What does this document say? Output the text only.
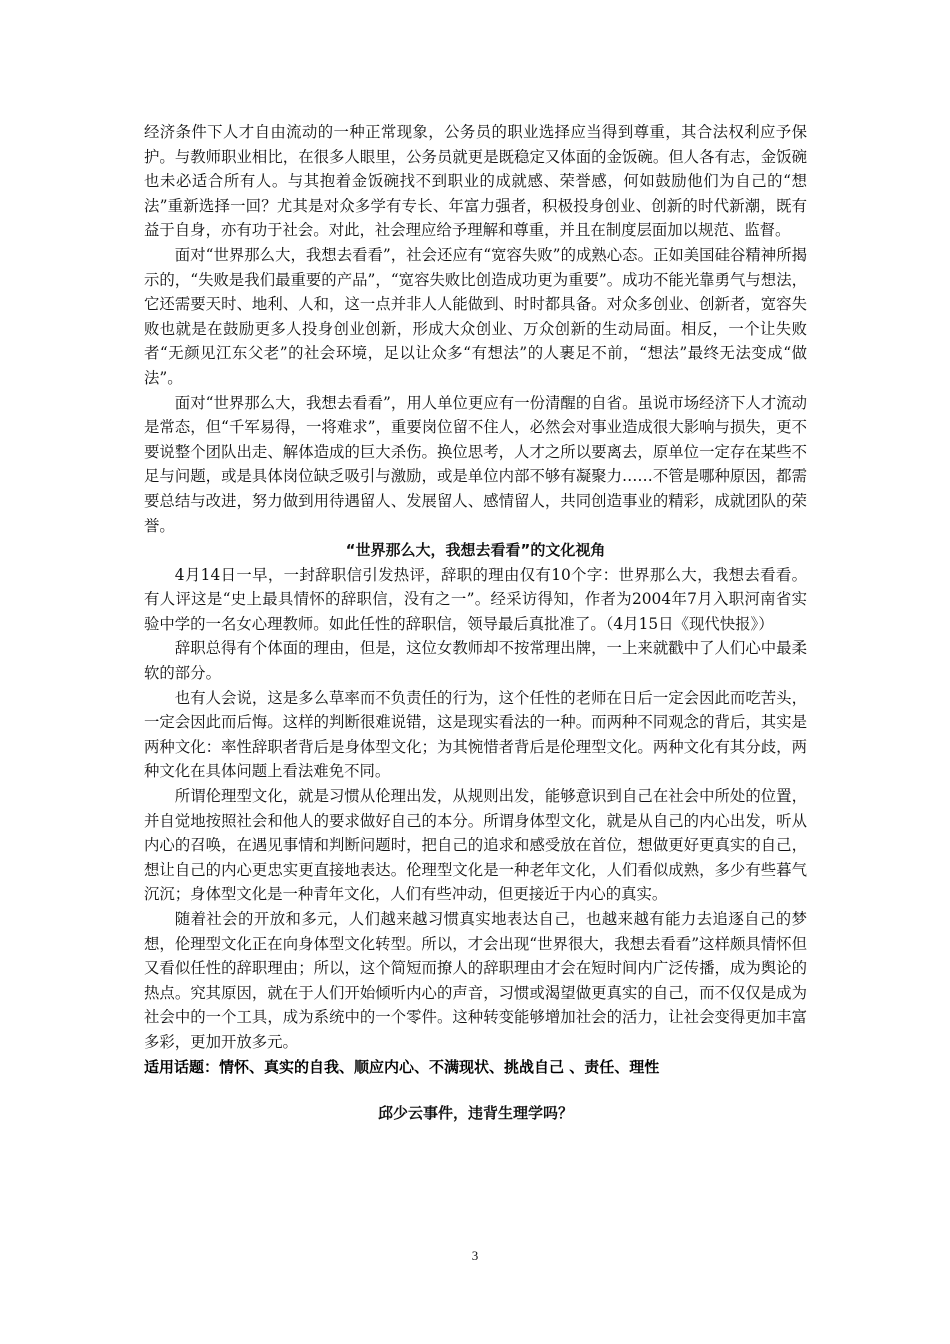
经济条件下人才自由流动的一种正常现象，公务员的职业选择应当得到尊重，其合法权利应予保护。与教师职业相比，在很多人眼里，公务员就更是既稳定又体面的金饭碗。但人各有志，金饭碗也未必适合所有人。与其抱着金饭碗找不到职业的成就感、荣誉感，何如鼓励他们为自己的“想法”重新选择一回？尤其是对众多学有专长、年富力强者，积极投身创业、创新的时代新潮，既有益于自身，亦有功于社会。对此，社会理应给予理解和尊重，并且在制度层面加以规范、监督。

面对“世界那么大，我想去看看”，社会还应有“宽容失败”的成熟心态。正如美国硅谷精神所揭示的，“失败是我们最重要的产品”，“宽容失败比创造成功更为重要”。成功不能光靠勇气与想法，它还需要天时、地利、人和，这一点并非人人能做到、时时都具备。对众多创业、创新者，宽容失败也就是在鼓励更多人投身创业创新，形成大众创业、万众创新的生动局面。相反，一个让失败者“无颜见江东父老”的社会环境，足以让众多“有想法”的人裹足不前，“想法”最终无法变成“做法”。

面对“世界那么大，我想去看看”，用人单位更应有一份清醒的自省。虽说市场经济下人才流动是常态，但“千军易得，一将难求”，重要岗位留不住人，必然会对事业造成很大影响与损失，更不要说整个团队出走、解体造成的巨大杀伤。换位思考，人才之所以要离去，原单位一定存在某些不足与问题，或是具体岗位缺乏吸引与激励，或是单位内部不够有凝聚力……不管是哪种原因，都需要总结与改进，努力做到用待遇留人、发展留人、感情留人，共同创造事业的精彩，成就团队的荣誉。

“世界那么大，我想去看看”的文化视角

4月14日一早，一封辞职信引发热评，辞职的理由仅有10个字：世界那么大，我想去看看。有人评这是“史上最具情怀的辞职信，没有之一”。经采访得知，作者为2004年7月入职河南省实验中学的一名女心理教师。如此任性的辞职信，领导最后真批准了。（4月15日《现代快报》）

辞职总得有个体面的理由，但是，这位女教师却不按常理出牌，一上来就戳中了人们心中最柔软的部分。

也有人会说，这是多么草率而不负责任的行为，这个任性的老师在日后一定会因此而吃苦头，一定会因此而后悔。这样的判断很难说错，这是现实看法的一种。而两种不同观念的背后，其实是两种文化：率性辞职者背后是身体型文化；为其惋惜者背后是伦理型文化。两种文化有其分歧，两种文化在具体问题上看法难免不同。

所谓伦理型文化，就是习惯从伦理出发，从规则出发，能够意识到自己在社会中所处的位置，并自觉地按照社会和他人的要求做好自己的本分。所谓身体型文化，就是从自己的内心出发，听从内心的召唤，在遇见事情和判断问题时，把自己的追求和感受放在首位，想做更好更真实的自己，想让自己的内心更忠实更直接地表达。伦理型文化是一种老年文化，人们看似成熟，多少有些暮气沉沉；身体型文化是一种青年文化，人们有些冲动，但更接近于内心的真实。

随着社会的开放和多元，人们越来越习惯真实地表达自己，也越来越有能力去追逐自己的梦想，伦理型文化正在向身体型文化转型。所以，才会出现“世界很大，我想去看看”这样颇具情怀但又看似任性的辞职理由；所以，这个简短而撩人的辞职理由才会在短时间内广泛传播，成为舆论的热点。究其原因，就在于人们开始倾听内心的声音，习惯或渴望做更真实的自己，而不仅仅是成为社会中的一个工具，成为系统中的一个零件。这种转变能够增加社会的活力，让社会变得更加丰富多彩，更加开放多元。

适用话题：情怀、真实的自我、顺应内心、不满现状、挑战自己 、责任、理性

邱少云事件，违背生理学吗？

3
